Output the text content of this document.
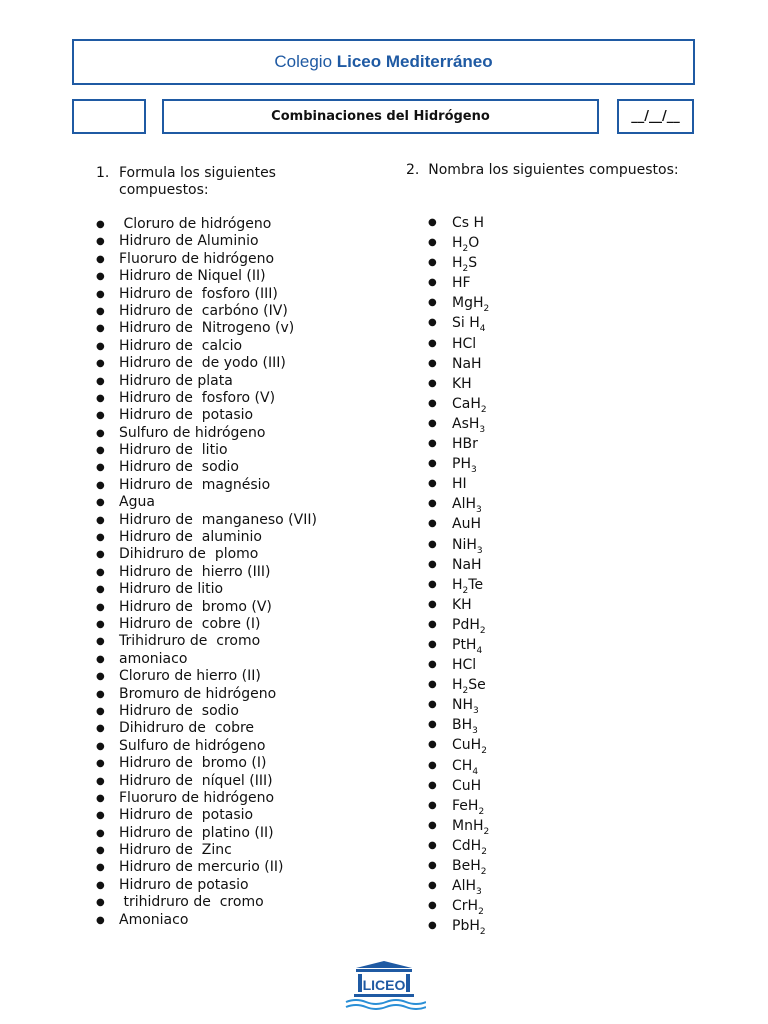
Colegio Liceo Mediterráneo
Combinaciones del Hidrógeno	__/__/__
1. Formula los siguientes compuestos:
2. Nombra los siguientes compuestos:
● Cloruro de hidrógeno
● Hidruro de Aluminio
● Fluoruro de hidrógeno
● Hidruro de Niquel (II)
● Hidruro de  fosforo (III)
● Hidruro de  carbóno (IV)
● Hidruro de  Nitrogeno (v)
● Hidruro de  calcio
● Hidruro de  de yodo (III)
● Hidruro de plata
● Hidruro de  fosforo (V)
● Hidruro de  potasio
● Sulfuro de hidrógeno
● Hidruro de  litio
● Hidruro de  sodio
● Hidruro de  magnésio
● Agua
● Hidruro de  manganeso (VII)
● Hidruro de  aluminio
● Dihidruro de  plomo
● Hidruro de  hierro (III)
● Hidruro de litio
● Hidruro de  bromo (V)
● Hidruro de  cobre (I)
● Trihidruro de  cromo
● amoniaco
● Cloruro de hierro (II)
● Bromuro de hidrógeno
● Hidruro de  sodio
● Dihidruro de  cobre
● Sulfuro de hidrógeno
● Hidruro de  bromo (I)
● Hidruro de  níquel (III)
● Fluoruro de hidrógeno
● Hidruro de  potasio
● Hidruro de  platino (II)
● Hidruro de  Zinc
● Hidruro de mercurio (II)
● Hidruro de potasio
● trihidruro de  cromo
● Amoniaco
● Cs H
● $H_2O$
● $H_2S$
● HF
● MgH$_2$
● Si $H_4$
● HCl
● NaH
● KH
● CaH$_2$
● AsH$_3$
● HBr
● $PH_3$
● HI
● AlH$_3$
● AuH
● NiH$_3$
● NaH
● $H_2Te$
● KH
● PdH$_2$
● PtH$_4$
● HCl
● $H_2Se$
● $NH_3$
● $BH_3$
● CuH$_2$
● $CH_4$
● CuH
● FeH$_2$
● MnH$_2$
● CdH$_2$
● BeH$_2$
● AlH$_3$
● CrH$_2$
● PbH$_2$
LICEO
